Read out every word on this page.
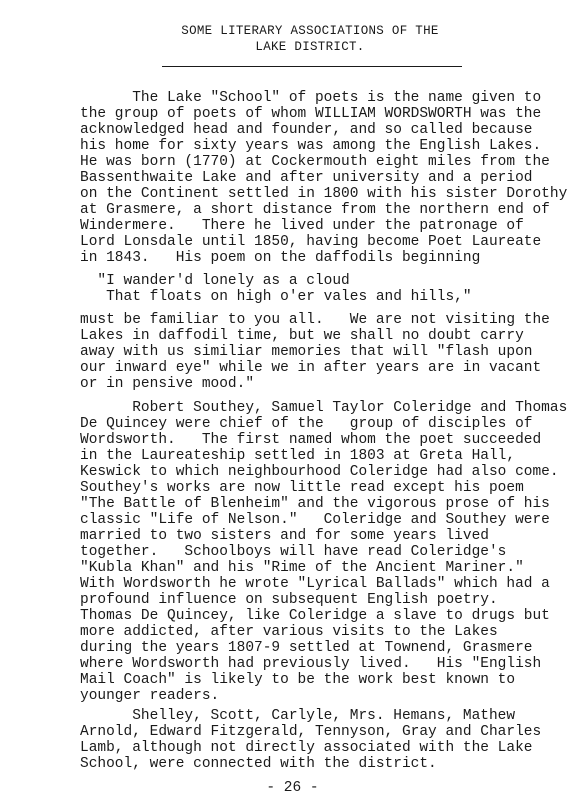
SOME LITERARY ASSOCIATIONS OF THE
LAKE DISTRICT.
The Lake "School" of poets is the name given to
the group of poets of whom WILLIAM WORDSWORTH was the
acknowledged head and founder, and so called because
his home for sixty years was among the English Lakes.
He was born (1770) at Cockermouth eight miles from the
Bassenthwaite Lake and after university and a period
on the Continent settled in 1800 with his sister Dorothy
at Grasmere, a short distance from the northern end of
Windermere.   There he lived under the patronage of
Lord Lonsdale until 1850, having become Poet Laureate
in 1843.   His poem on the daffodils beginning
"I wander'd lonely as a cloud
That floats on high o'er vales and hills,"
must be familiar to you all.   We are not visiting the
Lakes in daffodil time, but we shall no doubt carry
away with us similiar memories that will "flash upon
our inward eye" while we in after years are in vacant
or in pensive mood."
Robert Southey, Samuel Taylor Coleridge and Thomas
De Quincey were chief of the   group of disciples of
Wordsworth.   The first named whom the poet succeeded
in the Laureateship settled in 1803 at Greta Hall,
Keswick to which neighbourhood Coleridge had also come.
Southey's works are now little read except his poem
"The Battle of Blenheim" and the vigorous prose of his
classic "Life of Nelson."   Coleridge and Southey were
married to two sisters and for some years lived
together.   Schoolboys will have read Coleridge's
"Kubla Khan" and his "Rime of the Ancient Mariner."
With Wordsworth he wrote "Lyrical Ballads" which had a
profound influence on subsequent English poetry.
Thomas De Quincey, like Coleridge a slave to drugs but
more addicted, after various visits to the Lakes
during the years 1807-9 settled at Townend, Grasmere
where Wordsworth had previously lived.   His "English
Mail Coach" is likely to be the work best known to
younger readers.
Shelley, Scott, Carlyle, Mrs. Hemans, Mathew
Arnold, Edward Fitzgerald, Tennyson, Gray and Charles
Lamb, although not directly associated with the Lake
School, were connected with the district.
- 26 -
